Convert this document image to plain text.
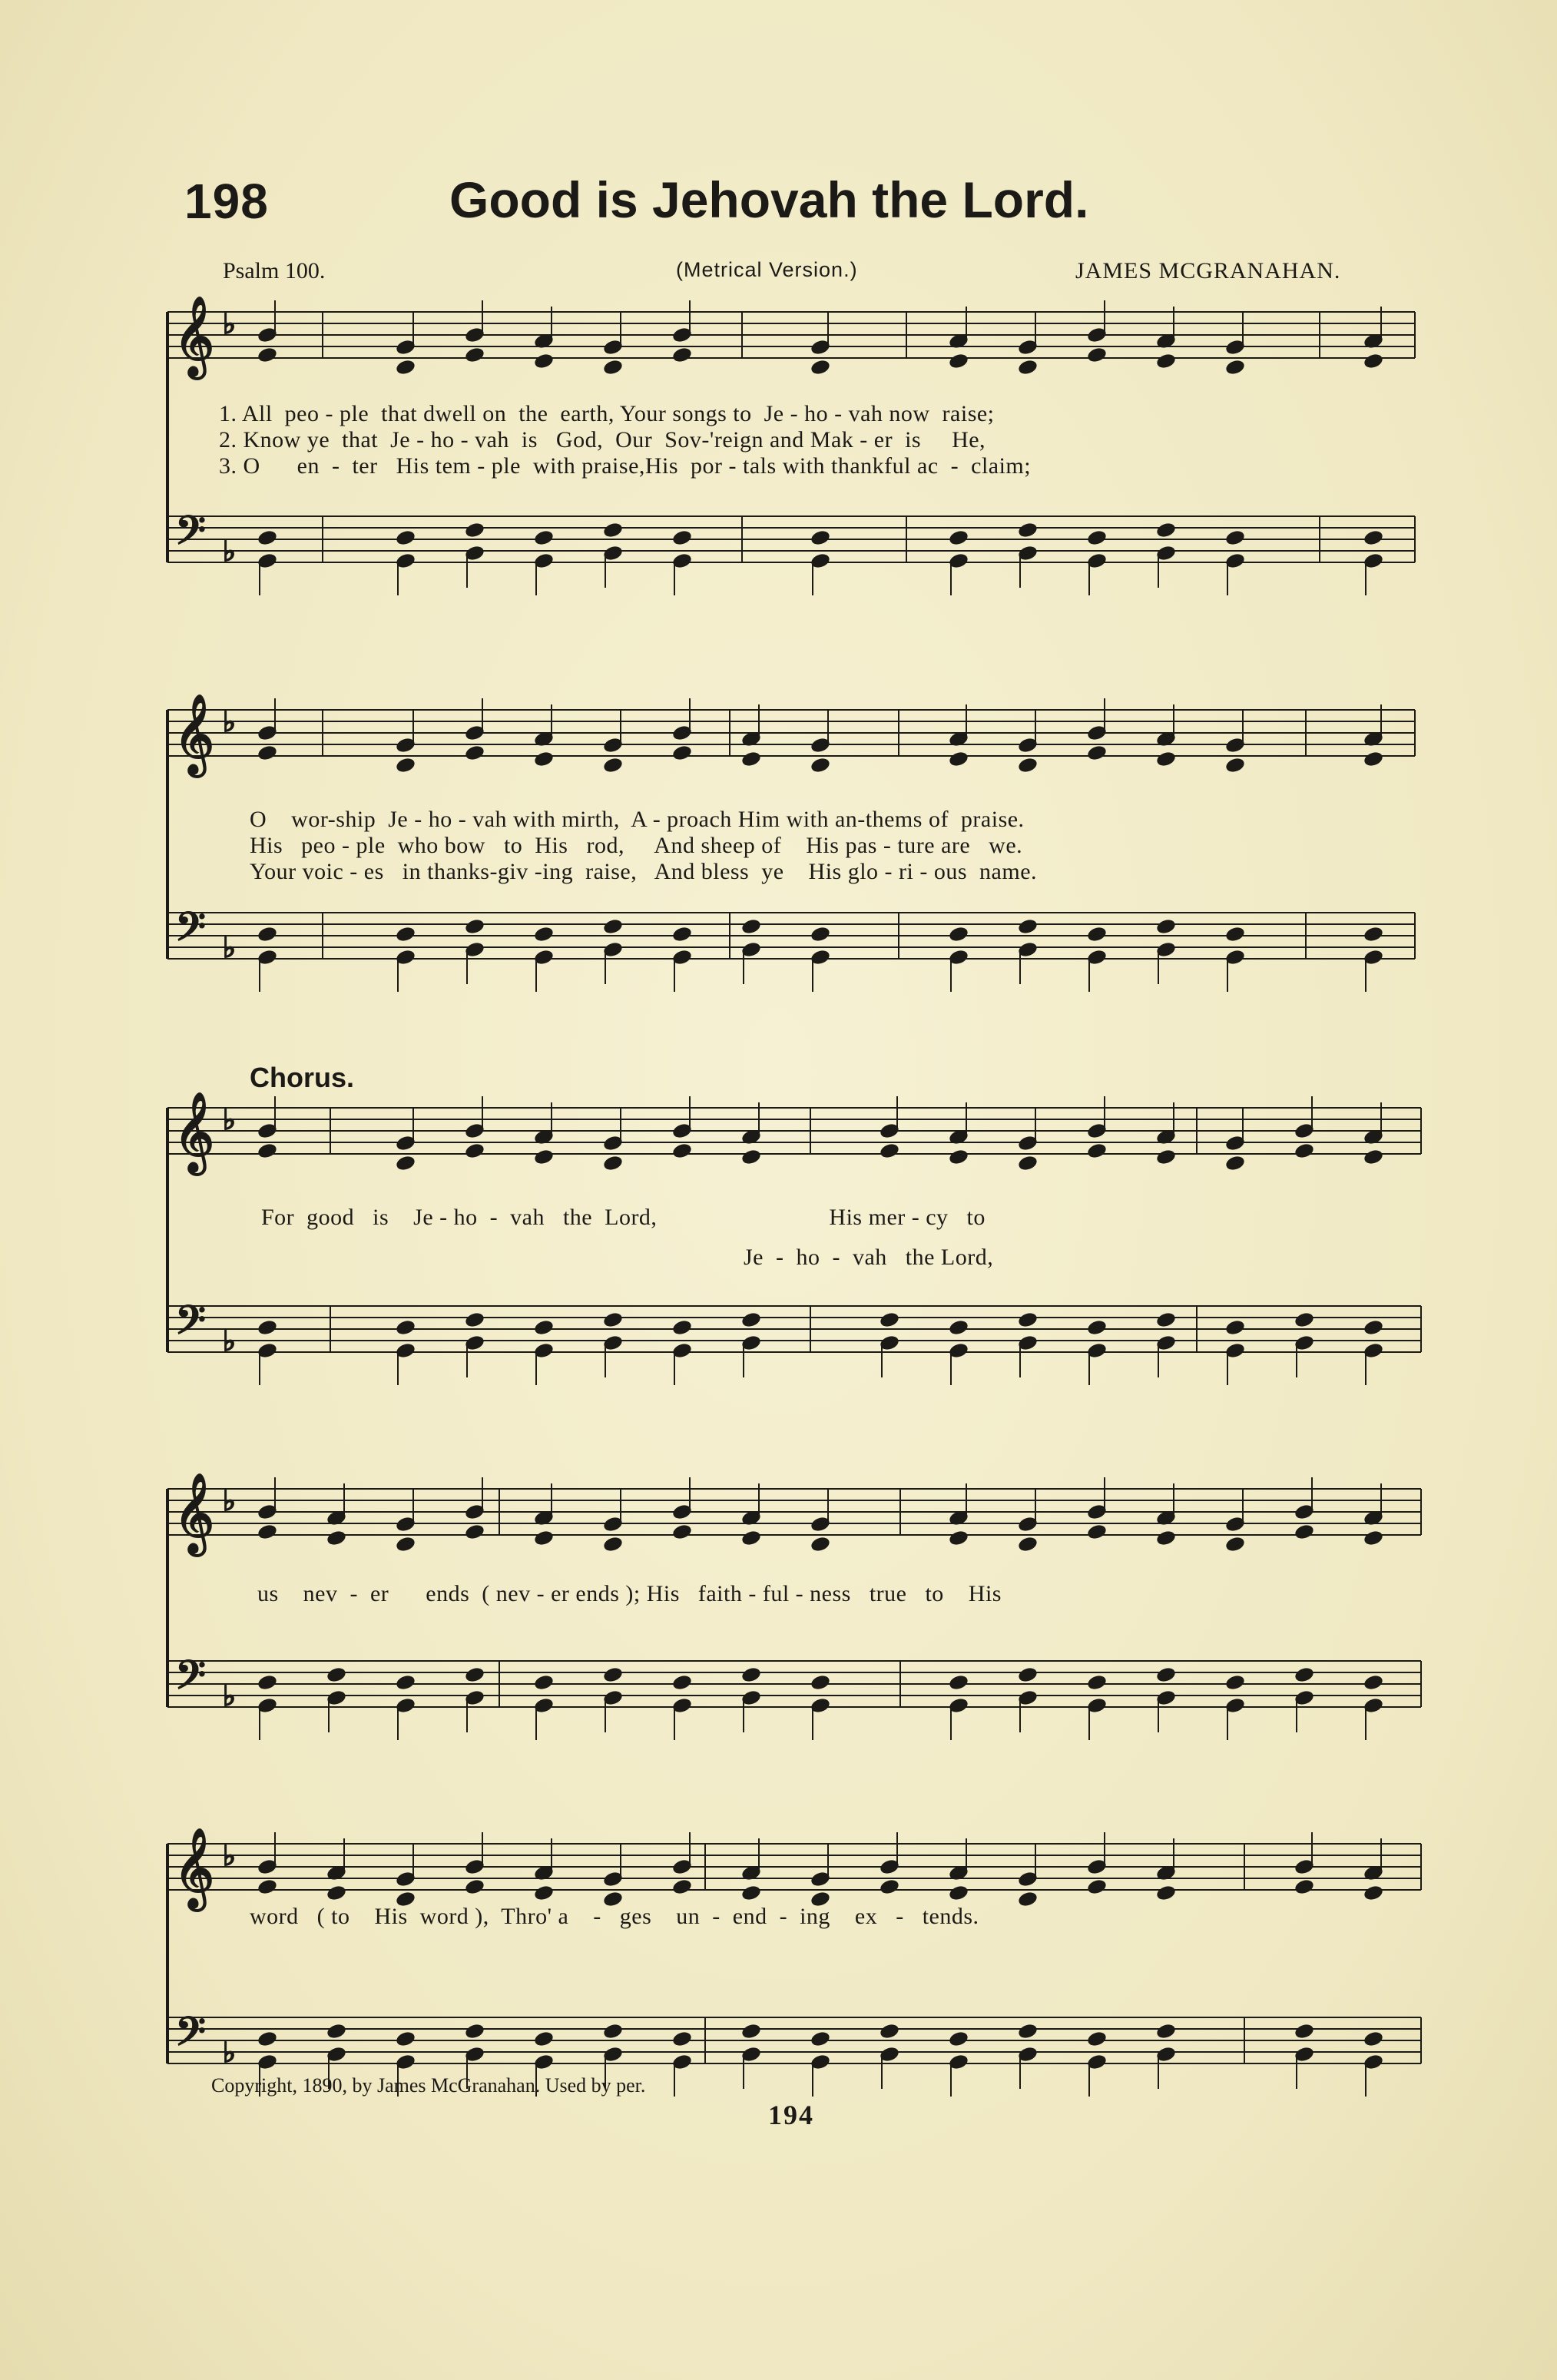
198	Good is Jehovah the Lord.
Psalm 100.	(Metrical Version.)	JAMES MCGRANAHAN.
𝄞
𝄢
♭
♭
𝄞
𝄢
♭
♭
𝄞
𝄢
♭
♭
𝄞
𝄢
♭
♭
𝄞
𝄢
♭
♭
1. All  peo - ple  that dwell on  the  earth, Your songs to  Je - ho - vah now  raise;
2. Know ye  that  Je - ho - vah  is   God,  Our  Sov-'reign and Mak - er  is     He,
3. O      en  -  ter   His tem - ple  with praise,His  por - tals with thankful ac  -  claim;
O    wor-ship  Je - ho - vah with mirth,  A - proach Him with an-thems of  praise.
His   peo - ple  who bow   to  His   rod,     And sheep of    His pas - ture are   we.
Your voic - es   in thanks-giv -ing  raise,   And bless  ye    His glo - ri - ous  name.
Chorus.
For  good   is    Je - ho  -  vah   the  Lord,                            His mer - cy   to
Je  -  ho  -  vah   the Lord,
us    nev  -  er      ends  ( nev - er ends ); His   faith - ful - ness   true   to    His
word   ( to    His  word ),  Thro' a    -   ges    un  -  end  -  ing    ex   -   tends.
Copyright, 1890, by James McGranahan. Used by per.
194
